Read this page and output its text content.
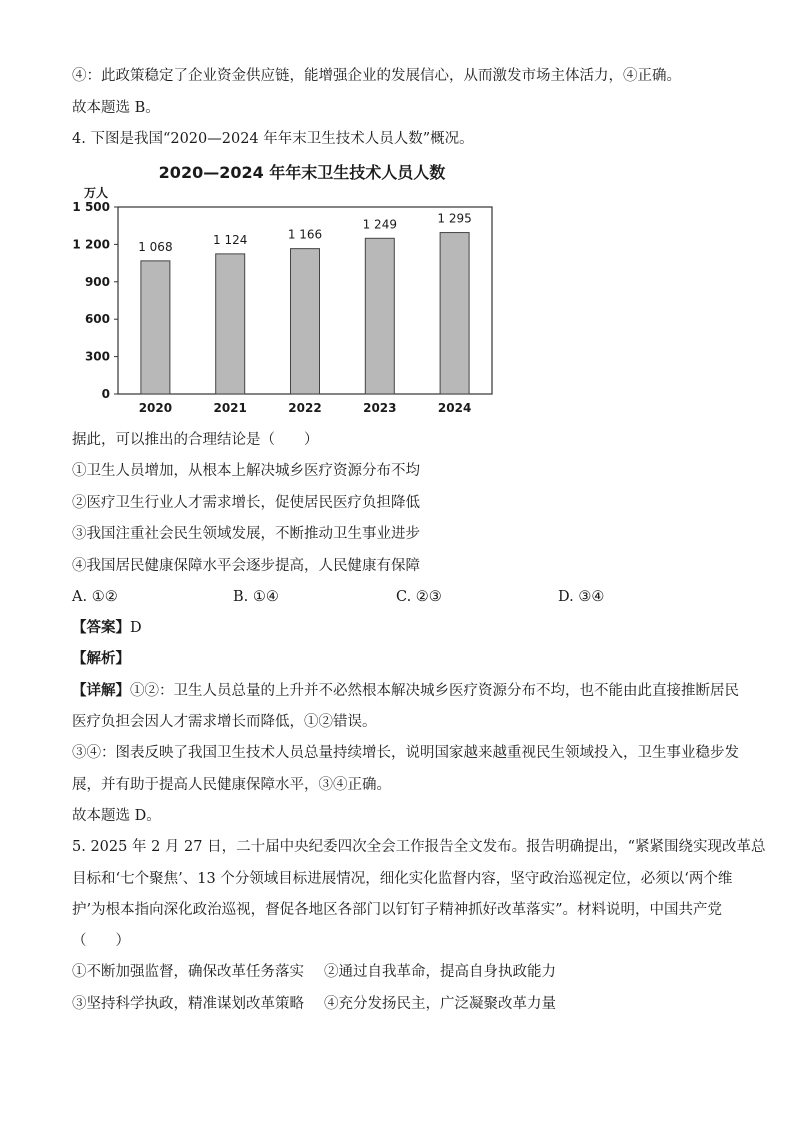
④：此政策稳定了企业资金供应链，能增强企业的发展信心，从而激发市场主体活力，④正确。
故本题选 B。
4. 下图是我国“2020—2024 年年末卫生技术人员人数”概况。
据此，可以推出的合理结论是（　　）
①卫生人员增加，从根本上解决城乡医疗资源分布不均
②医疗卫生行业人才需求增长，促使居民医疗负担降低
③我国注重社会民生领域发展，不断推动卫生事业进步
④我国居民健康保障水平会逐步提高，人民健康有保障
A. ①②	B. ①④	C. ②③	D. ③④
【答案】D
【解析】
【详解】①②：卫生人员总量的上升并不必然根本解决城乡医疗资源分布不均，也不能由此直接推断居民
医疗负担会因人才需求增长而降低，①②错误。
③④：图表反映了我国卫生技术人员总量持续增长，说明国家越来越重视民生领域投入，卫生事业稳步发
展，并有助于提高人民健康保障水平，③④正确。
故本题选 D。
5. 2025 年 2 月 27 日，二十届中央纪委四次全会工作报告全文发布。报告明确提出，“紧紧围绕实现改革总
目标和‘七个聚焦’、13 个分领域目标进展情况，细化实化监督内容，坚守政治巡视定位，必须以‘两个维
护’为根本指向深化政治巡视，督促各地区各部门以钉钉子精神抓好改革落实”。材料说明，中国共产党
（　　）
①不断加强监督，确保改革任务落实 ②通过自我革命，提高自身执政能力
③坚持科学执政，精准谋划改革策略 ④充分发扬民主，广泛凝聚改革力量
2020—2024 年年末卫生技术人员人数
万人
0
300
600
900
1 200
1 500
1 068	1 124	1 166
1 249	1 295
2020	2021	2022	2023	2024
